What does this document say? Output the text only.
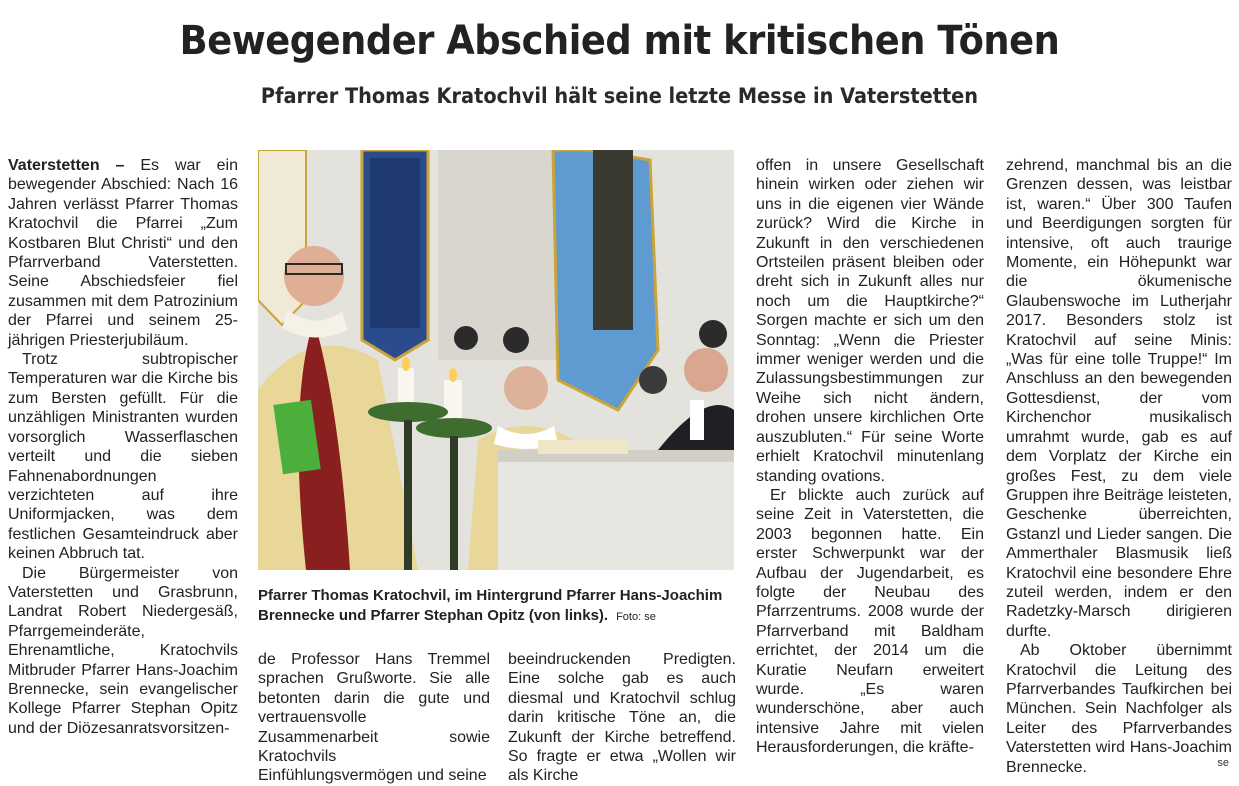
Bewegender Abschied mit kritischen Tönen
Pfarrer Thomas Kratochvil hält seine letzte Messe in Vaterstetten

Vaterstetten – Es war ein bewegender Abschied: Nach 16 Jahren verlässt Pfarrer Thomas Kratochvil die Pfarrei „Zum Kostbaren Blut Christi“ und den Pfarrverband Vaterstetten. Seine Abschiedsfeier fiel zusammen mit dem Patrozinium der Pfarrei und seinem 25-jährigen Priesterjubiläum.

Trotz subtropischer Temperaturen war die Kirche bis zum Bersten gefüllt. Für die unzähligen Ministranten wurden vorsorglich Wasserflaschen verteilt und die sieben Fahnenabordnungen verzichteten auf ihre Uniformjacken, was dem festlichen Gesamteindruck aber keinen Abbruch tat.

Die Bürgermeister von Vaterstetten und Grasbrunn, Landrat Robert Niedergesäß, Pfarrgemeinderäte, Ehrenamtliche, Kratochvils Mitbruder Pfarrer Hans-Joachim Brennecke, sein evangelischer Kollege Pfarrer Stephan Opitz und der Diözesanratsvorsitzen-

Pfarrer Thomas Kratochvil, im Hintergrund Pfarrer Hans-Joachim Brennecke und Pfarrer Stephan Opitz (von links). Foto: se

de Professor Hans Tremmel sprachen Grußworte. Sie alle betonten darin die gute und vertrauensvolle Zusammenarbeit sowie Kratochvils Einfühlungsvermögen und seine

beeindruckenden Predigten. Eine solche gab es auch diesmal und Kratochvil schlug darin kritische Töne an, die Zukunft der Kirche betreffend. So fragte er etwa „Wollen wir als Kirche

offen in unsere Gesellschaft hinein wirken oder ziehen wir uns in die eigenen vier Wände zurück? Wird die Kirche in Zukunft in den verschiedenen Ortsteilen präsent bleiben oder dreht sich in Zukunft alles nur noch um die Hauptkirche?“ Sorgen machte er sich um den Sonntag: „Wenn die Priester immer weniger werden und die Zulassungsbestimmungen zur Weihe sich nicht ändern, drohen unsere kirchlichen Orte auszubluten.“ Für seine Worte erhielt Kratochvil minutenlang standing ovations.

Er blickte auch zurück auf seine Zeit in Vaterstetten, die 2003 begonnen hatte. Ein erster Schwerpunkt war der Aufbau der Jugendarbeit, es folgte der Neubau des Pfarrzentrums. 2008 wurde der Pfarrverband mit Baldham errichtet, der 2014 um die Kuratie Neufarn erweitert wurde. „Es waren wunderschöne, aber auch intensive Jahre mit vielen Herausforderungen, die kräfte-

zehrend, manchmal bis an die Grenzen dessen, was leistbar ist, waren.“ Über 300 Taufen und Beerdigungen sorgten für intensive, oft auch traurige Momente, ein Höhepunkt war die ökumenische Glaubenswoche im Lutherjahr 2017. Besonders stolz ist Kratochvil auf seine Minis: „Was für eine tolle Truppe!“ Im Anschluss an den bewegenden Gottesdienst, der vom Kirchenchor musikalisch umrahmt wurde, gab es auf dem Vorplatz der Kirche ein großes Fest, zu dem viele Gruppen ihre Beiträge leisteten, Geschenke überreichten, Gstanzl und Lieder sangen. Die Ammerthaler Blasmusik ließ Kratochvil eine besondere Ehre zuteil werden, indem er den Radetzky-Marsch dirigieren durfte.

Ab Oktober übernimmt Kratochvil die Leitung des Pfarrverbandes Taufkirchen bei München. Sein Nachfolger als Leiter des Pfarrverbandes Vaterstetten wird Hans-Joachim Brennecke.	se
